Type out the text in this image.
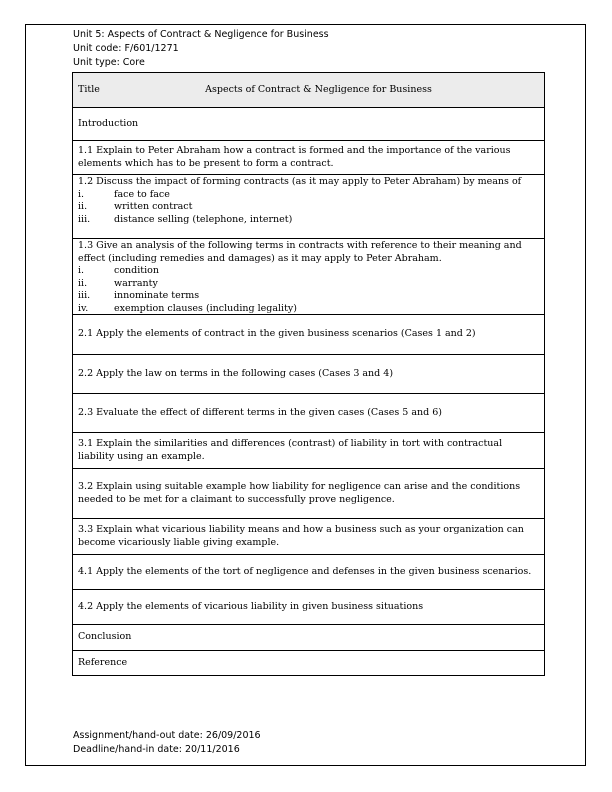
Unit 5: Aspects of Contract & Negligence for Business
Unit code: F/601/1271
Unit type: Core
Title	Aspects of Contract & Negligence for Business
Introduction
1.1 Explain to Peter Abraham how a contract is formed and the importance of the various elements which has to be present to form a contract.
1.2 Discuss the impact of forming contracts (as it may apply to Peter Abraham) by means of
i.	face to face
ii.	written contract
iii.	distance selling (telephone, internet)
1.3 Give an analysis of the following terms in contracts with reference to their meaning and effect (including remedies and damages) as it may apply to Peter Abraham.
i.	condition
ii.	warranty
iii.	innominate terms
iv.	exemption clauses (including legality)
2.1 Apply the elements of contract in the given business scenarios (Cases 1 and 2)
2.2 Apply the law on terms in the following cases (Cases 3 and 4)
2.3 Evaluate the effect of different terms in the given cases (Cases 5 and 6)
3.1 Explain the similarities and differences (contrast) of liability in tort with contractual liability using an example.
3.2 Explain using suitable example how liability for negligence can arise and the conditions needed to be met for a claimant to successfully prove negligence.
3.3 Explain what vicarious liability means and how a business such as your organization can become vicariously liable giving example.
4.1 Apply the elements of the tort of negligence and defenses in the given business scenarios.
4.2 Apply the elements of vicarious liability in given business situations
Conclusion
Reference
Assignment/hand-out date: 26/09/2016
Deadline/hand-in date: 20/11/2016
